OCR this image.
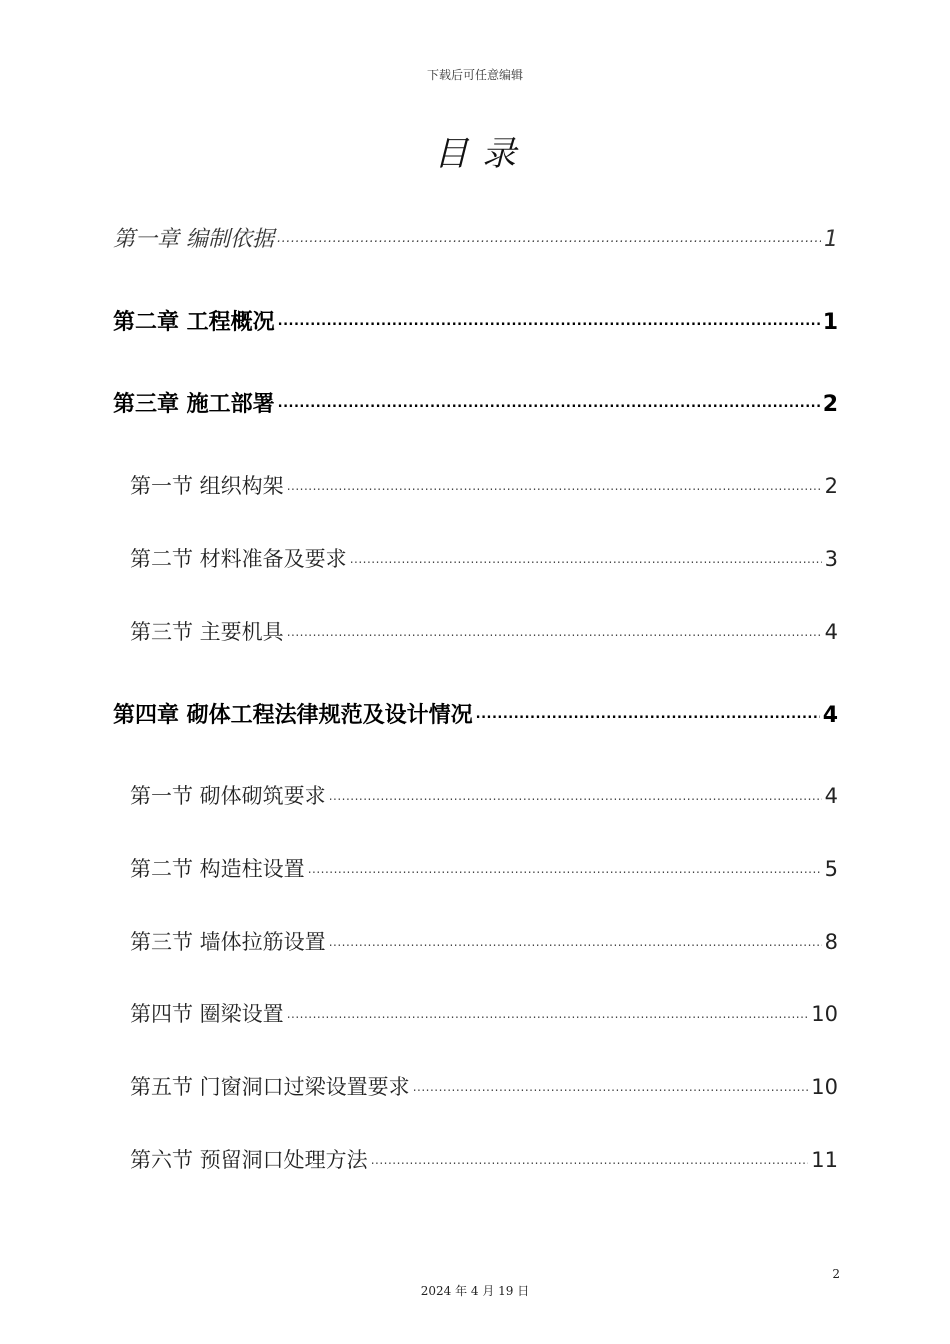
下载后可任意编辑
目录
第一章 编制依据 .....	1
第二章 工程概况 .....	1
第三章 施工部署 .....	2
第一节 组织构架 .....	2
第二节 材料准备及要求 .....	3
第三节 主要机具 .....	4
第四章 砌体工程法律规范及设计情况 .....	4
第一节 砌体砌筑要求 .....	4
第二节 构造柱设置 .....	5
第三节 墙体拉筋设置 .....	8
第四节 圈梁设置 .....	10
第五节 门窗洞口过梁设置要求 .....	10
第六节 预留洞口处理方法 .....	11
2
2024 年 4 月 19 日
